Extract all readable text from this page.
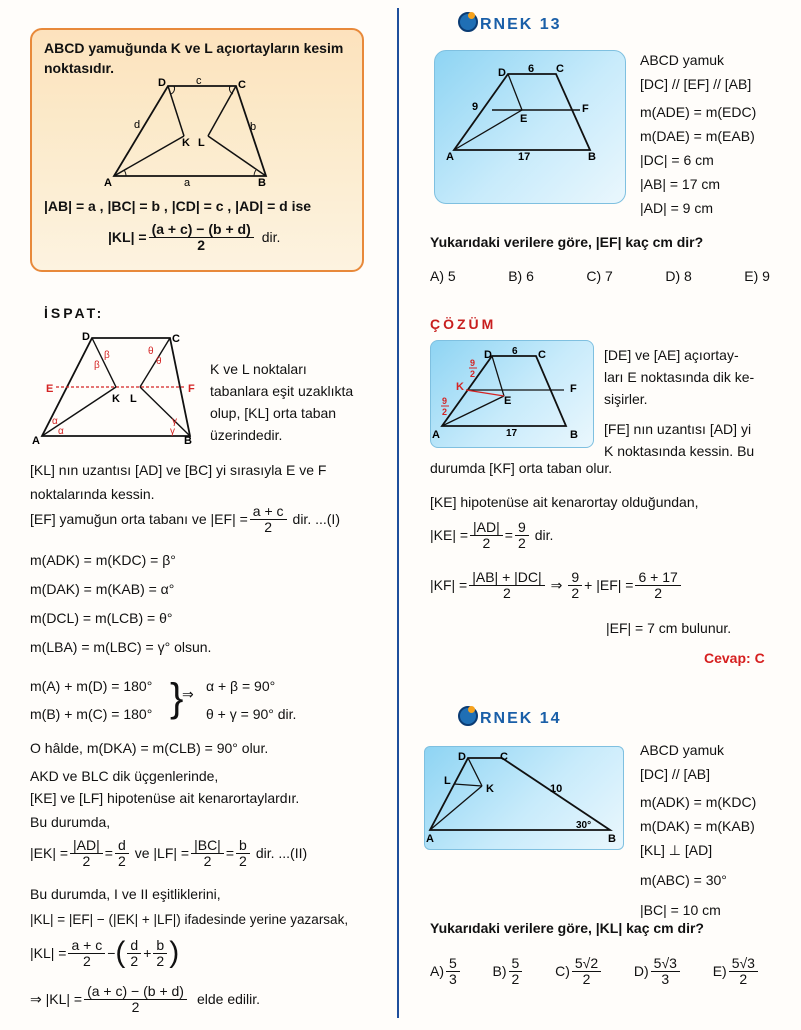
ABCD yamuğunda K ve L açıortayların kesim
noktasıdır.
D	C
A	B
K L
c
d	b
a
|AB| = a , |BC| = b , |CD| = c , |AD| = d ise
$|KL| = \frac{(a + c) - (b + d)}{2}$ dir.
İSPAT:
D	C
A	B
E	F
K L
β
β
θ
θ
α
α
γ
γ
K ve L noktaları
tabanlara eşit uzaklıkta
olup, [KL] orta taban
üzerindedir.
[KL] nın uzantısı [AD] ve [BC] yi sırasıyla E ve F
noktalarında kessin.
[EF] yamuğun orta tabanı ve $|EF| = \frac{a + c}{2}$ dir. ...(I)
m(ADK) = m(KDC) = β°
m(DAK) = m(KAB) = α°
m(DCL) = m(LCB) = θ°
m(LBA) = m(LBC) = γ° olsun.
m(A) + m(D) = 180°
m(B) + m(C) = 180° }
⇒ α + β = 90°
θ + γ = 90° dir.
O hâlde, m(DKA) = m(CLB) = 90° olur.
AKD ve BLC dik üçgenlerinde,
[KE] ve [LF] hipotenüse ait kenarortaylardır.
Bu durumda,
$|EK| = \frac{|AD|}{2} = \frac{d}{2}$ ve $|LF| = \frac{|BC|}{2} = \frac{b}{2}$ dir. ...(II)
Bu durumda, I ve II eşitliklerini,
|KL| = |EF| − (|EK| + |LF|) ifadesinde yerine yazarsak,
$|KL| = \frac{a + c}{2}$ − ( $\frac{d}{2} + \frac{b}{2}$ )
⇒ $|KL| = \frac{(a + c) - (b + d)}{2}$ elde edilir.
RNEK 13
D	C
A	B
E
F
6
9
17
ABCD yamuk
[DC] // [EF] // [AB]
m(ADE) = m(EDC)
m(DAE) = m(EAB)
|DC| = 6 cm
|AB| = 17 cm
|AD| = 9 cm
Yukarıdaki verilere göre, |EF| kaç cm dir?
A) 5	B) 6	C) 7	D) 8	E) 9
ÇÖZÜM
D	C
A	B
E
F
K
6
17
9
2
9
2
[DE] ve [AE] açıortay-
ları E noktasında dik ke-
sişirler.
[FE] nın uzantısı [AD] yi
K noktasında kessin. Bu
durumda [KF] orta taban olur.
[KE] hipotenüse ait kenarortay olduğundan,
$|KE| = \frac{|AD|}{2} = \frac{9}{2}$ dir.
$|KF| = \frac{|AB| + |DC|}{2}$ ⇒ $\frac{9}{2} + |EF| = \frac{6 + 17}{2}$
|EF| = 7 cm bulunur.
Cevap: C
RNEK 14
D	C
A	B
K
L
10
30°
ABCD yamuk
[DC] // [AB]
m(ADK) = m(KDC)
m(DAK) = m(KAB)
[KL] ⊥ [AD]
m(ABC) = 30°
|BC| = 10 cm
Yukarıdaki verilere göre, |KL| kaç cm dir?
$A) \frac{5}{3} B) \frac{5}{2} C) \frac{5√2}{2} D) \frac{5√3}{3} E) \frac{5√3}{2}$
